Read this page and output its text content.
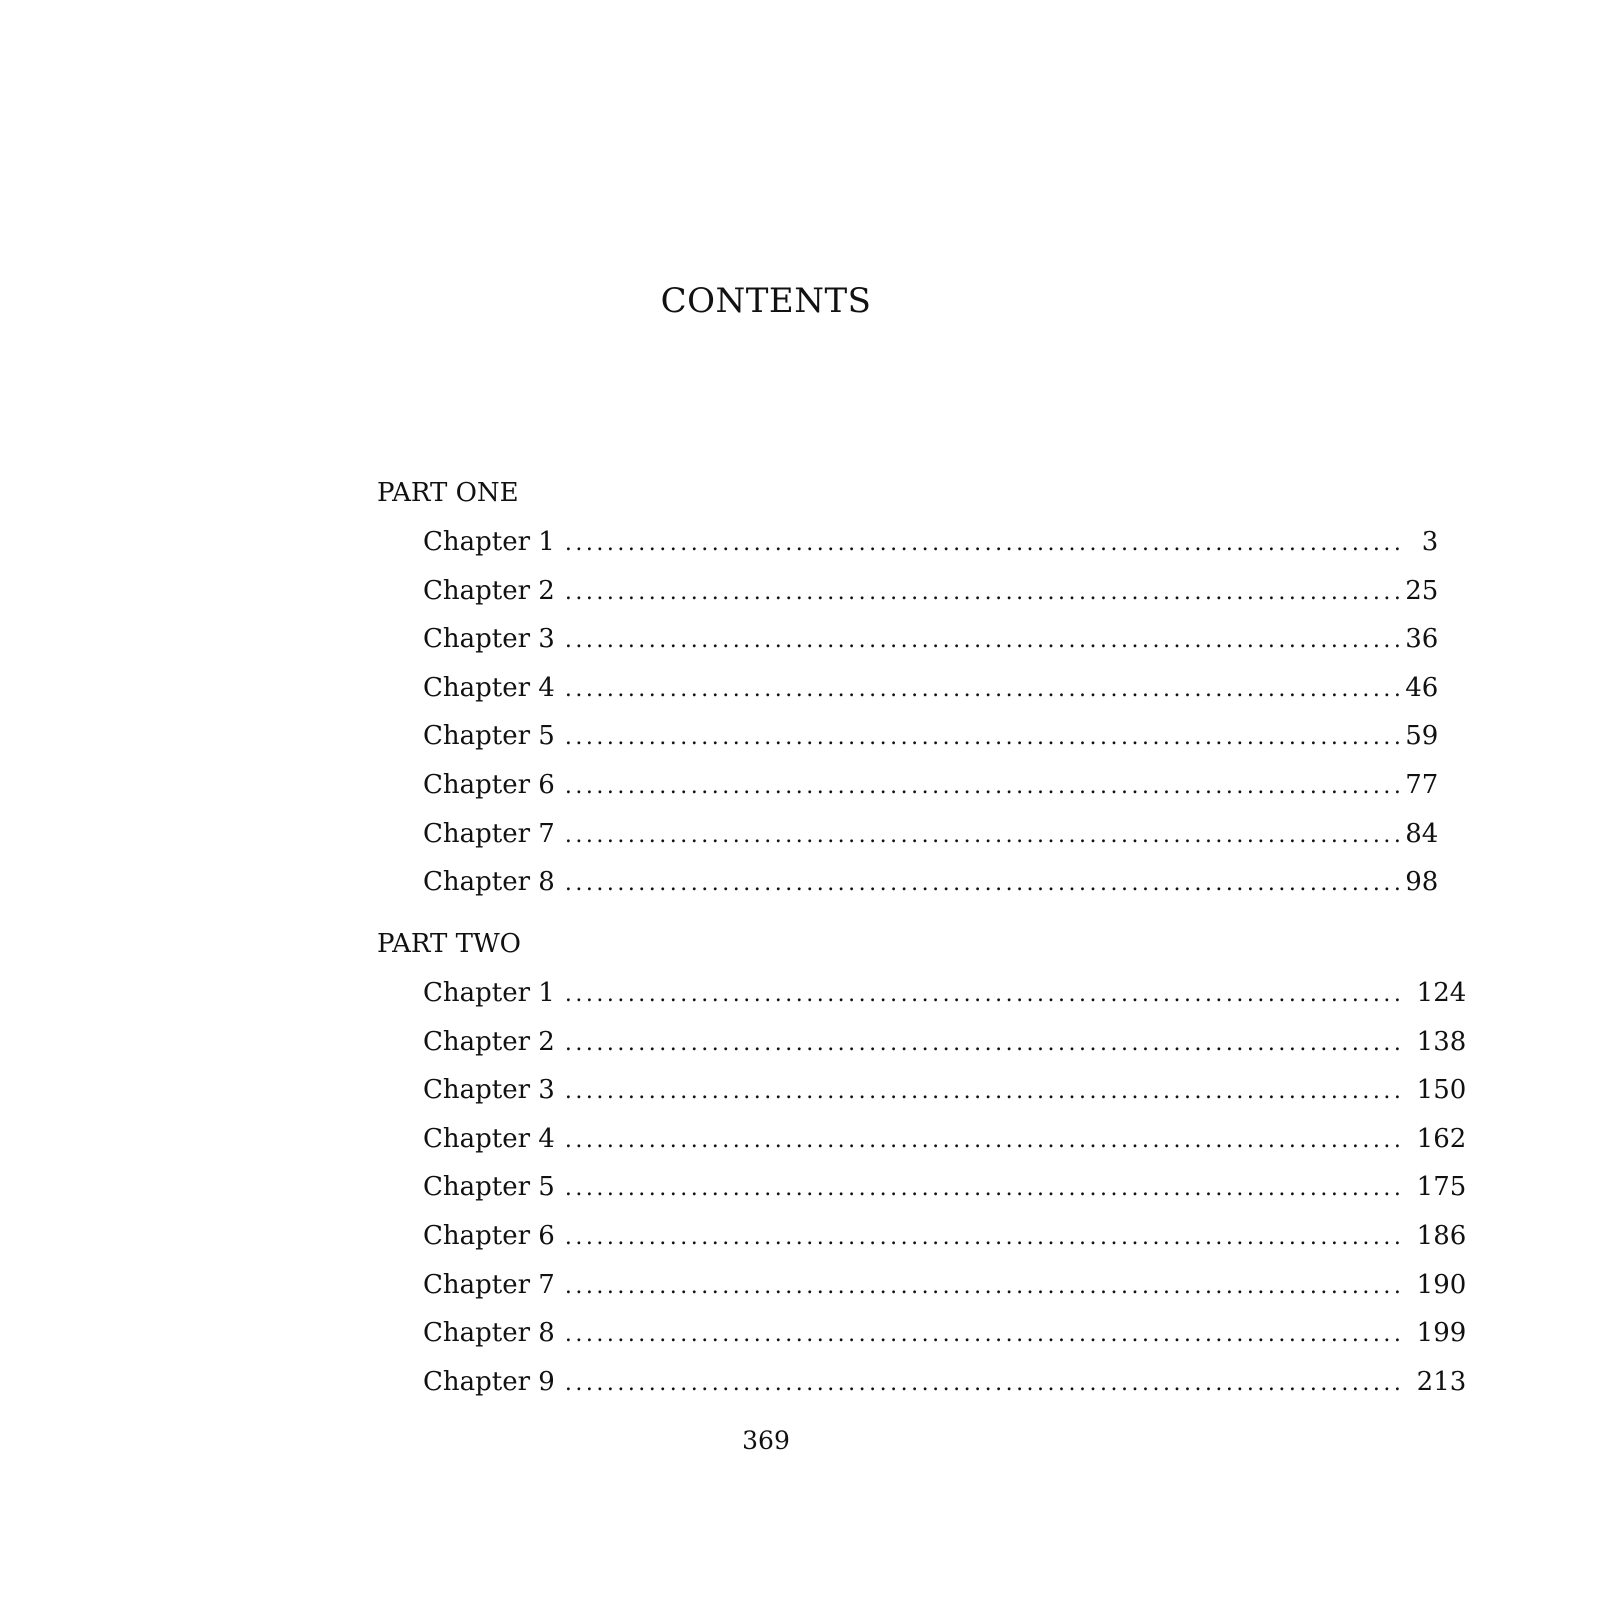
CONTENTS
PART ONE
Chapter 1 ................................................................................ 3
Chapter 2 ................................................................................ 25
Chapter 3 ................................................................................ 36
Chapter 4 ................................................................................ 46
Chapter 5 ................................................................................ 59
Chapter 6 ................................................................................ 77
Chapter 7 ................................................................................ 84
Chapter 8 ................................................................................ 98
PART TWO
Chapter 1 ................................................................................ 124
Chapter 2 ................................................................................ 138
Chapter 3 ................................................................................ 150
Chapter 4 ................................................................................ 162
Chapter 5 ................................................................................ 175
Chapter 6 ................................................................................ 186
Chapter 7 ................................................................................ 190
Chapter 8 ................................................................................ 199
Chapter 9 ................................................................................ 213
369
